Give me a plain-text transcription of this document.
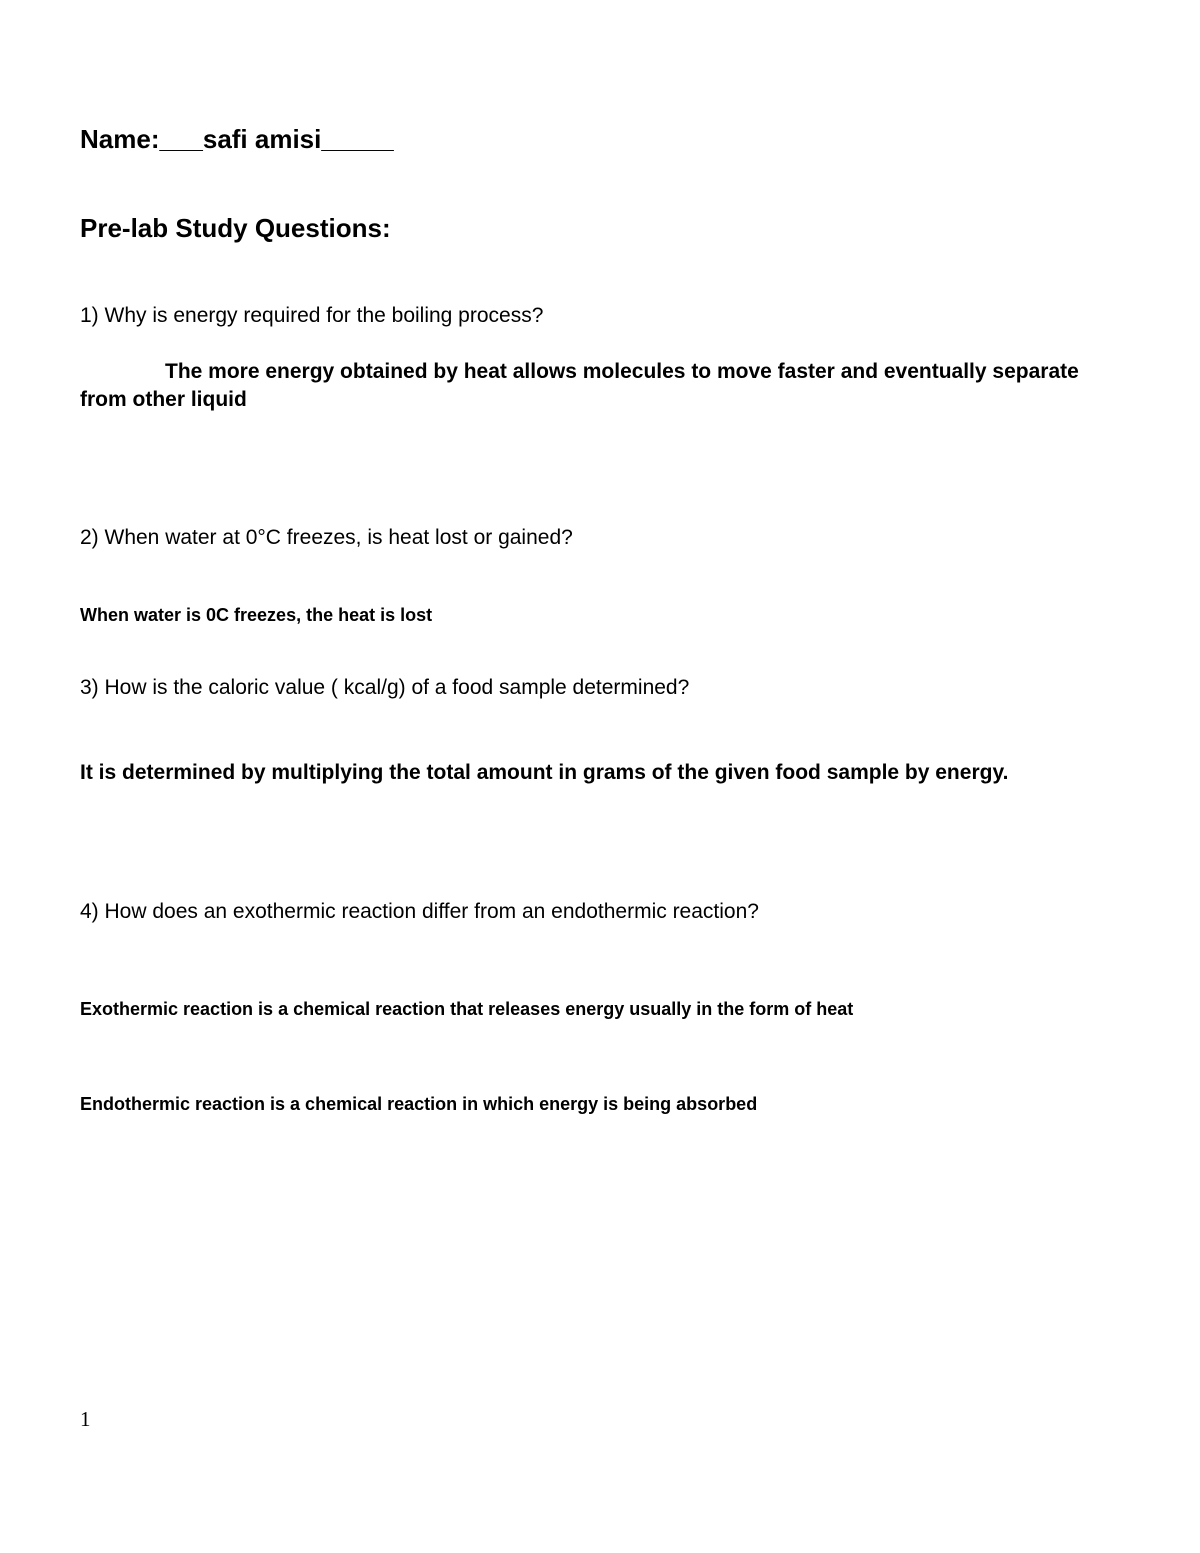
Name:___safi amisi_____
Pre-lab Study Questions:
1) Why is energy required for the boiling process?
The more energy obtained by heat allows molecules to move faster and eventually separate from other liquid
2) When water at 0°C freezes, is heat lost or gained?
When water is 0C freezes, the heat is lost
3) How is the caloric value ( kcal/g) of a food sample determined?
It is determined by multiplying the total amount in grams of the given food sample by energy.
4) How does an exothermic reaction differ from an endothermic reaction?
Exothermic reaction is a chemical reaction that releases energy usually in the form of heat
Endothermic reaction is a chemical reaction in which energy is being absorbed
1
